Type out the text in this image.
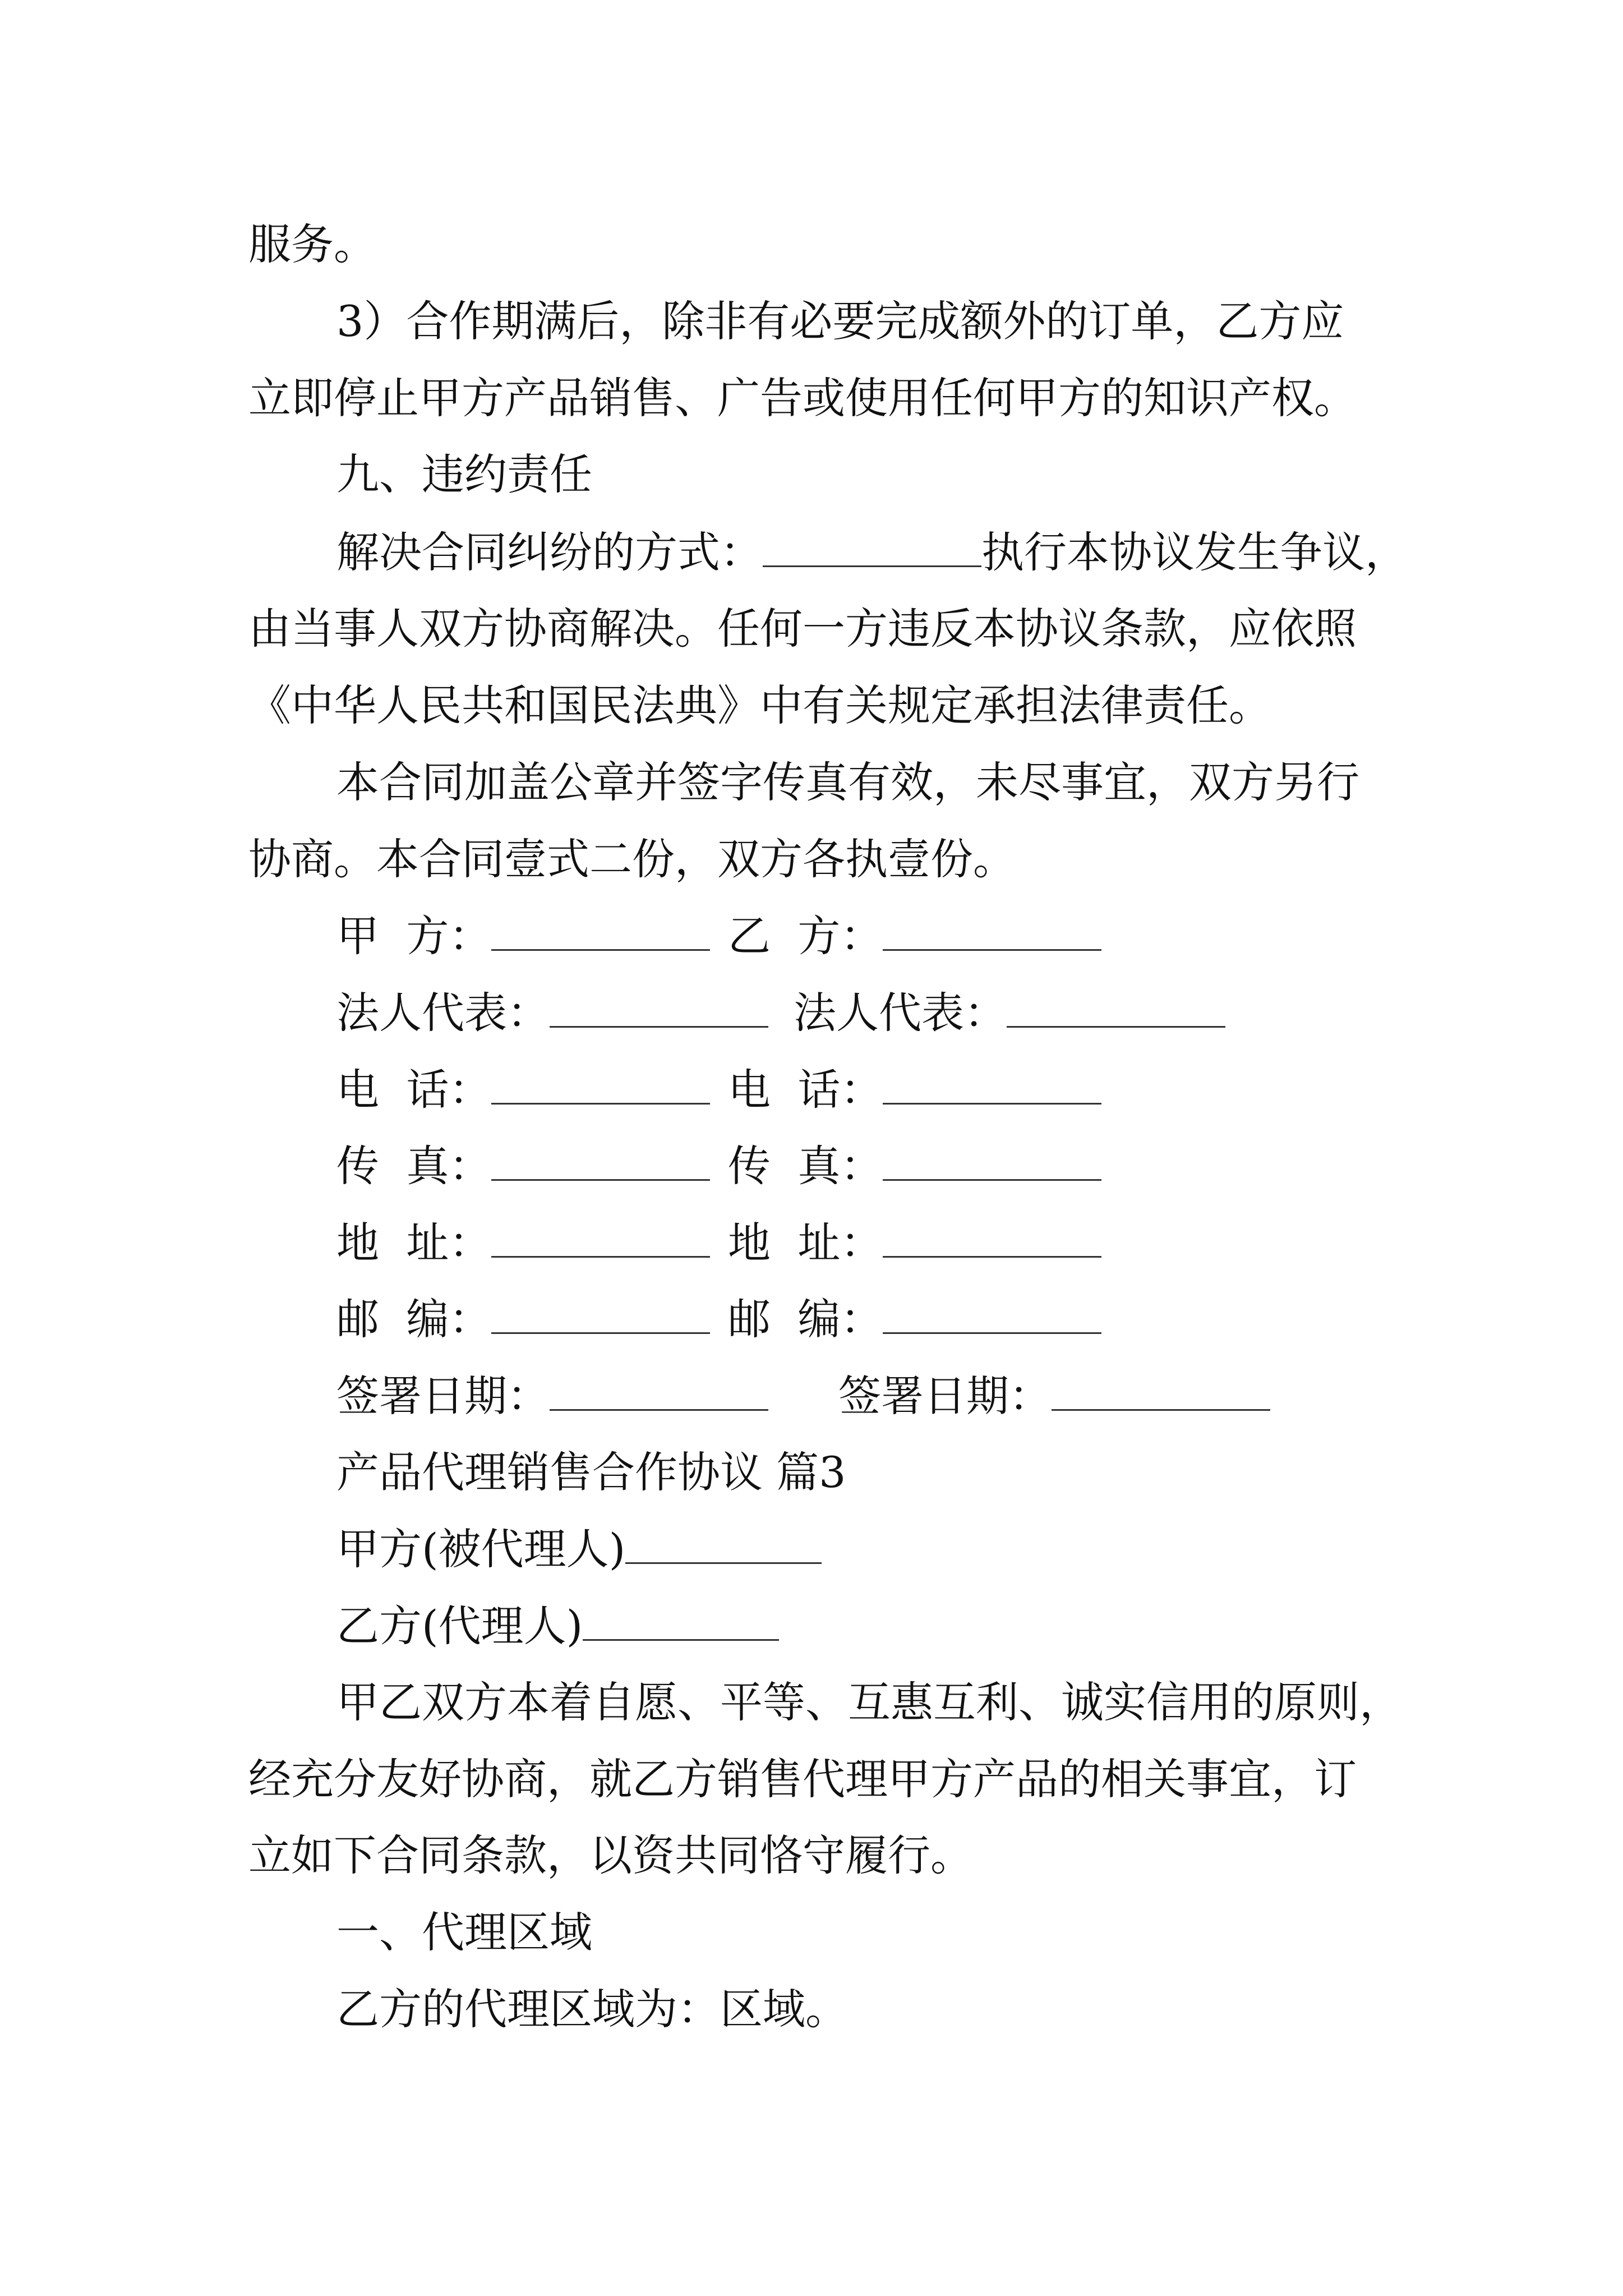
服务。
3）合作期满后，除非有必要完成额外的订单，乙方应
立即停止甲方产品销售、广告或使用任何甲方的知识产权。
九、违约责任
解决合同纠纷的方式：	执行本协议发生争议，
由当事人双方协商解决。任何一方违反本协议条款，应依照
《中华人民共和国民法典》中有关规定承担法律责任。
本合同加盖公章并签字传真有效，未尽事宜，双方另行
协商。本合同壹式二份，双方各执壹份。
甲  方：	乙  方：
法人代表：	法人代表：
电  话：	电  话：
传  真：	传  真：
地  址：	地  址：
邮  编：	邮  编：
签署日期：	签署日期：
产品代理销售合作协议 篇3
甲方(被代理人)
乙方(代理人)
甲乙双方本着自愿、平等、互惠互利、诚实信用的原则，
经充分友好协商，就乙方销售代理甲方产品的相关事宜，订
立如下合同条款，以资共同恪守履行。
一、代理区域
乙方的代理区域为：区域。
